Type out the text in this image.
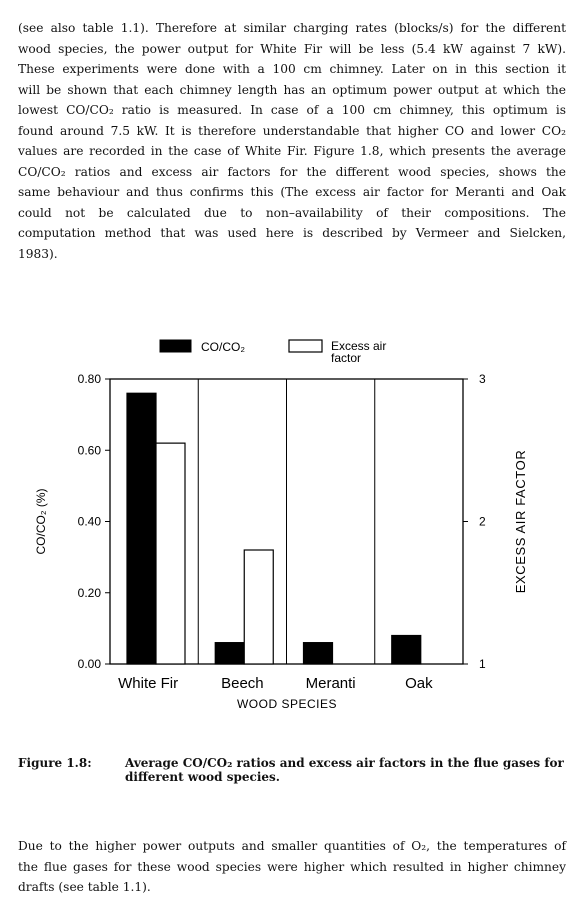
(see also table 1.1). Therefore at similar charging rates (blocks/s) for the different
wood species, the power output for White Fir will be less (5.4 kW against 7 kW).
These experiments were done with a 100 cm chimney. Later on in this section it
will be shown that each chimney length has an optimum power output at which the
lowest CO/CO₂ ratio is measured. In case of a 100 cm chimney, this optimum is
found around 7.5 kW. It is therefore understandable that higher CO and lower CO₂
values are recorded in the case of White Fir. Figure 1.8, which presents the average
CO/CO₂ ratios and excess air factors for the different wood species, shows the
same behaviour and thus confirms this (The excess air factor for Meranti and Oak
could not be calculated due to non–availability of their compositions. The
computation method that was used here is described by Vermeer and Sielcken,
1983).
0.00
0.20
0.40
0.60
0.80
1
2
3
White Fir	Beech	Meranti	Oak
WOOD SPECIES
CO/CO₂ (%)	EXCESS AIR FACTOR
CO/CO₂	Excess air
factor
Figure 1.8:	Average CO/CO₂ ratios and excess air factors in the flue gases for different wood species.
Due to the higher power outputs and smaller quantities of O₂, the temperatures of
the flue gases for these wood species were higher which resulted in higher chimney
drafts (see table 1.1).
